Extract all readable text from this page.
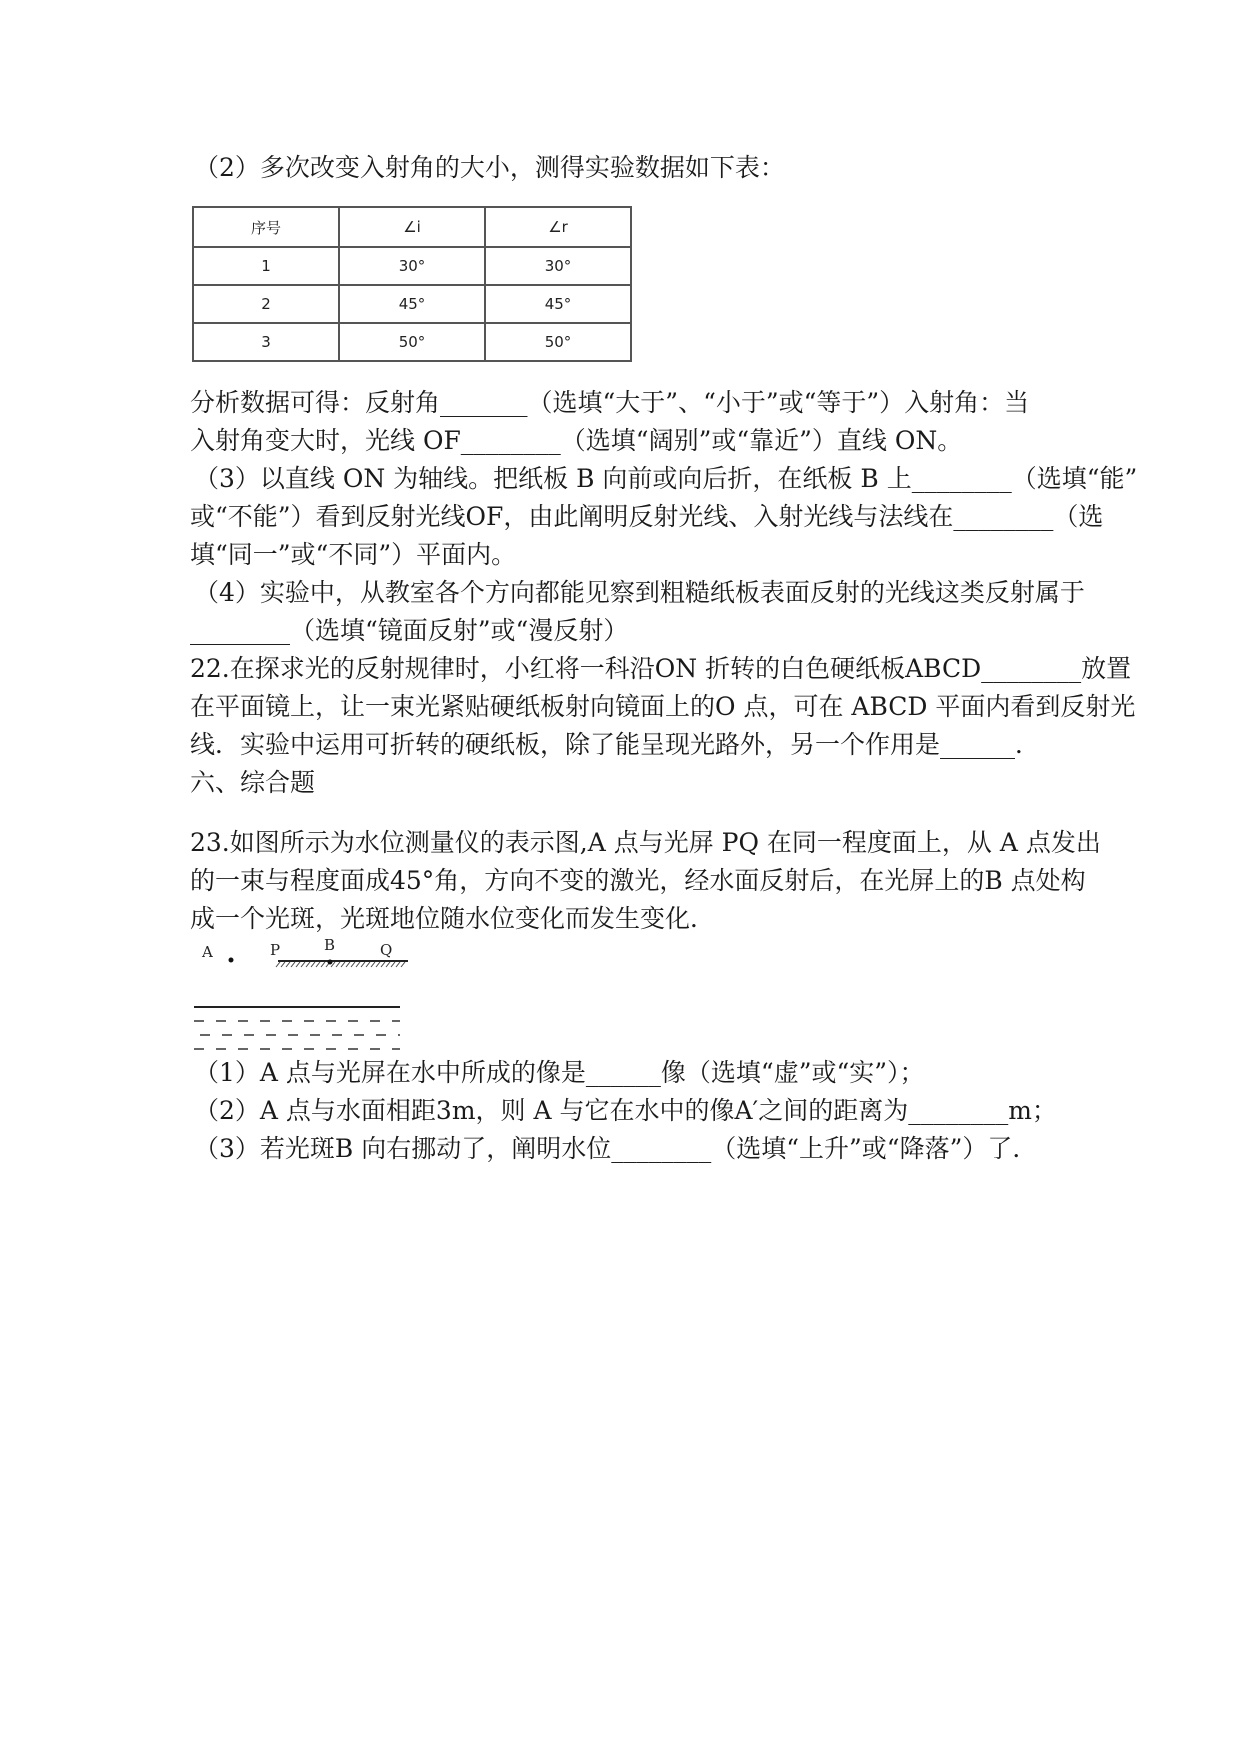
（2）多次改变入射角的大小，测得实验数据如下表：
序号	∠i	∠r
1	30°	30°
2	45°	45°
3	50°	50°
分析数据可得：反射角_______（选填“大于”、“小于”或“等于”）入射角：当
入射角变大时，光线 OF________（选填“阔别”或“靠近”）直线 ON。
（3）以直线 ON 为轴线。把纸板 B 向前或向后折，在纸板 B 上________（选填“能”
或“不能”）看到反射光线OF，由此阐明反射光线、入射光线与法线在________（选
填“同一”或“不同”）平面内。
（4）实验中，从教室各个方向都能见察到粗糙纸板表面反射的光线这类反射属于
________（选填“镜面反射”或“漫反射）
22.在探求光的反射规律时，小红将一科沿ON 折转的白色硬纸板ABCD________放置
在平面镜上，让一束光紧贴硬纸板射向镜面上的O 点，可在 ABCD 平面内看到反射光
线．实验中运用可折转的硬纸板，除了能呈现光路外，另一个作用是______．
六、综合题
23.如图所示为水位测量仪的表示图,A 点与光屏 PQ 在同一程度面上，从 A 点发出
的一束与程度面成45°角，方向不变的激光，经水面反射后，在光屏上的B 点处构
成一个光斑，光斑地位随水位变化而发生变化．
A	P	B	Q
（1）A 点与光屏在水中所成的像是______像（选填“虚”或“实”）；
（2）A 点与水面相距3m，则 A 与它在水中的像A′之间的距离为________m；
（3）若光斑B 向右挪动了，阐明水位________（选填“上升”或“降落”）了．
